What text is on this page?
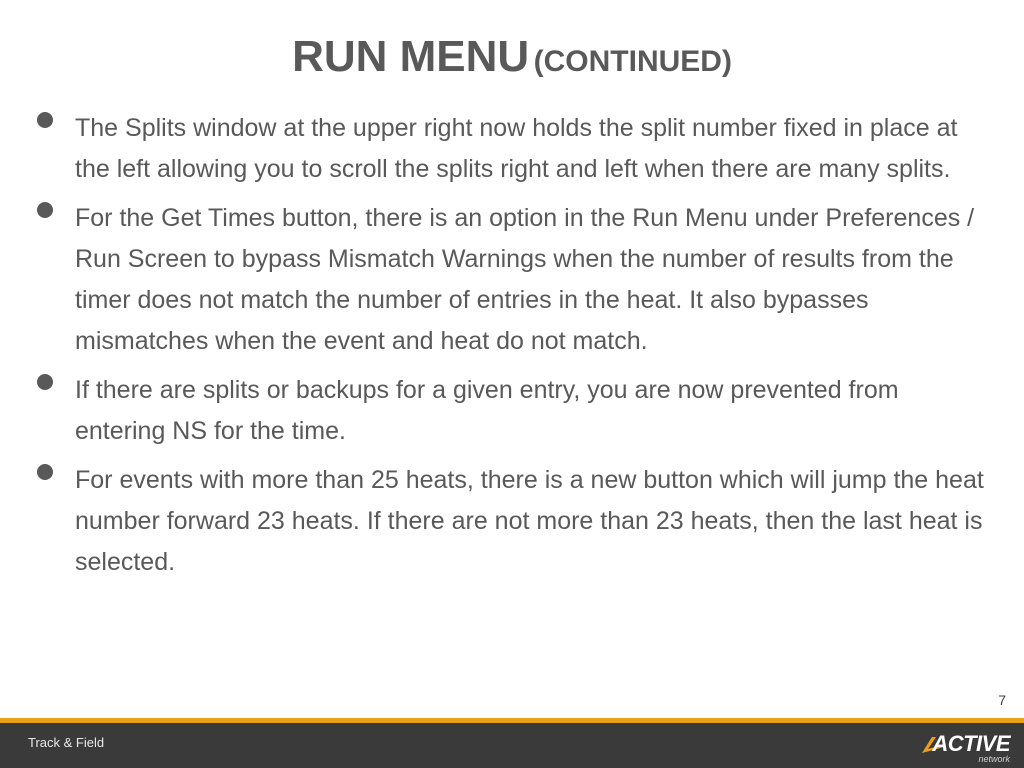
RUN MENU (CONTINUED)
The Splits window at the upper right now holds the split number fixed in place at the left allowing you to scroll the splits right and left when there are many splits.
For the Get Times button, there is an option in the Run Menu under Preferences / Run Screen to bypass Mismatch Warnings when the number of results from the timer does not match the number of entries in the heat. It also bypasses mismatches when the event and heat do not match.
If there are splits or backups for a given entry, you are now prevented from entering NS for the time.
For events with more than 25 heats, there is a new button which will jump the heat number forward 23 heats. If there are not more than 23 heats, then the last heat is selected.
7
Track & Field	ACTIVE
network
